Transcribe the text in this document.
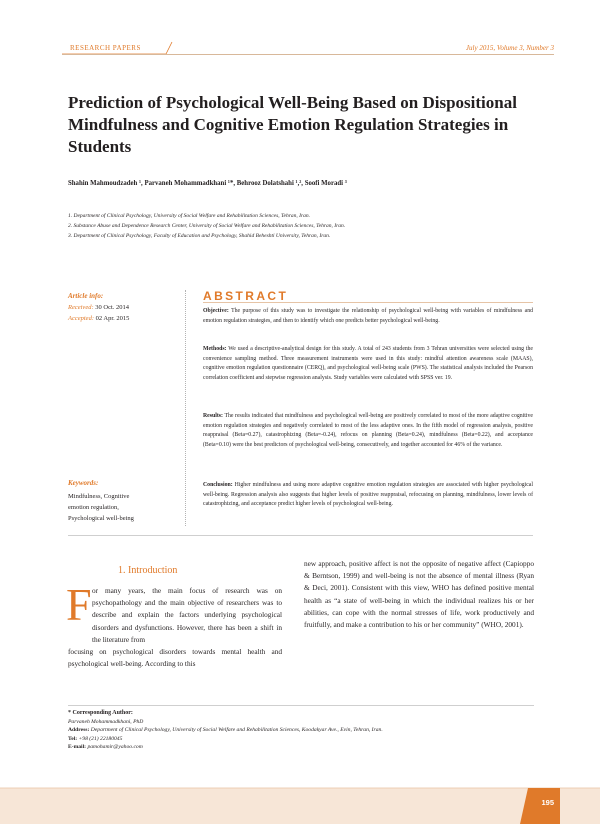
RESEARCH PAPERS	July 2015, Volume 3, Number 3
Prediction of Psychological Well-Being Based on Dispositional Mindfulness and Cognitive Emotion Regulation Strategies in Students
Shahin Mahmoudzadeh ¹, Parvaneh Mohammadkhani ¹*, Behrooz Dolatshahi ¹,², Soofi Moradi ³
1. Department of Clinical Psychology, University of Social Welfare and Rehabilitation Sciences, Tehran, Iran.
2. Substance Abuse and Dependence Research Center, University of Social Welfare and Rehabilitation Sciences, Tehran, Iran.
3. Department of Clinical Psychology, Faculty of Education and Psychology, Shahid Beheshti University, Tehran, Iran.
Article info:
Received: 30 Oct. 2014
Accepted: 02 Apr. 2015
Keywords:
Mindfulness, Cognitive
emotion regulation,
Psychological well-being
ABSTRACT
Objective: The purpose of this study was to investigate the relationship of psychological well-being with variables of mindfulness and emotion regulation strategies, and then to identify which one predicts better psychological well-being.
Methods: We used a descriptive-analytical design for this study. A total of 243 students from 3 Tehran universities were selected using the convenience sampling method. Three measurement instruments were used in this study: mindful attention awareness scale (MAAS), cognitive emotion regulation questionnaire (CERQ), and psychological well-being scale (PWS). The statistical analysis included the Pearson correlation coefficient and stepwise regression analysis. Study variables were calculated with SPSS ver. 19.
Results: The results indicated that mindfulness and psychological well-being are positively correlated to most of the more adaptive cognitive emotion regulation strategies and negatively correlated to most of the less adaptive ones. In the fifth model of regression analysis, positive reappraisal (Beta=0.27), catastrophizing (Beta=-0.24), refocus on planning (Beta=0.24), mindfulness (Beta=0.22), and acceptance (Beta=0.10) were the best predictors of psychological well-being, consecutively, and together accounted for 46% of the variance.
Conclusion: Higher mindfulness and using more adaptive cognitive emotion regulation strategies are associated with higher psychological well-being. Regression analysis also suggests that higher levels of positive reappraisal, refocusing on planning, mindfulness, lower levels of catastrophizing, and acceptance predict higher levels of psychological well-being.
1. Introduction
F or many years, the main focus of research was on psychopathology and the main objective of researchers was to describe and explain the factors underlying psychological disorders and dysfunctions. However, there has been a shift in the literature from
focusing on psychological disorders towards mental health and psychological well-being. According to this
new approach, positive affect is not the opposite of negative affect (Capioppo & Berntson, 1999) and well-being is not the absence of mental illness (Ryan & Deci, 2001). Consistent with this view, WHO has defined positive mental health as “a state of well-being in which the individual realizes his or her abilities, can cope with the normal stresses of life, work productively and fruitfully, and make a contribution to his or her community” (WHO, 2001).
* Corresponding Author:
Parvaneh Mohammadkhani, PhD
Address: Department of Clinical Psychology, University of Social Welfare and Rehabilitation Sciences, Koodakyar Ave., Evin, Tehran, Iran.
Tel: +98 (21) 22180045
E-mail: pamohamir@yahoo.com
195
